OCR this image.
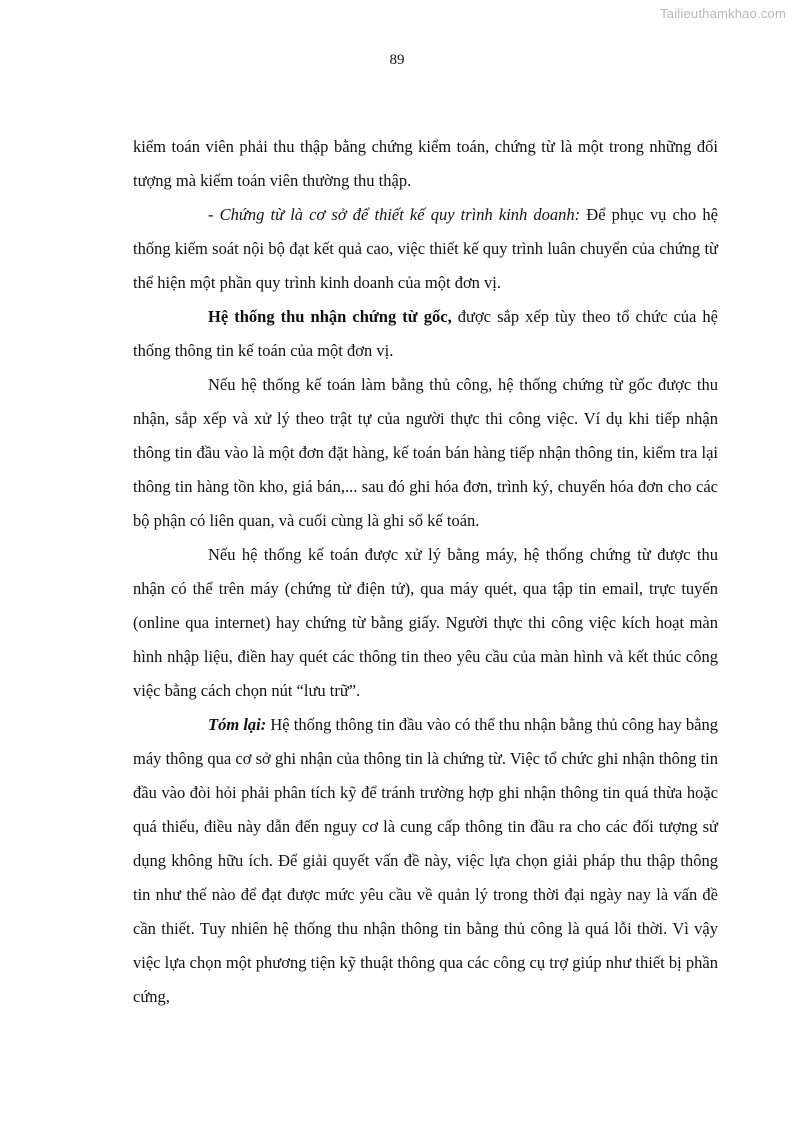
Tailieuthamkhao.com
89

kiểm toán viên phải thu thập bằng chứng kiểm toán, chứng từ là một trong những đối tượng mà kiểm toán viên thường thu thập.

- Chứng từ là cơ sở để thiết kế quy trình kinh doanh: Để phục vụ cho hệ thống kiểm soát nội bộ đạt kết quả cao, việc thiết kế quy trình luân chuyển của chứng từ thể hiện một phần quy trình kinh doanh của một đơn vị.

Hệ thống thu nhận chứng từ gốc, được sắp xếp tùy theo tổ chức của hệ thống thông tin kế toán của một đơn vị.

Nếu hệ thống kế toán làm bằng thủ công, hệ thống chứng từ gốc được thu nhận, sắp xếp và xử lý theo trật tự của người thực thi công việc. Ví dụ khi tiếp nhận thông tin đầu vào là một đơn đặt hàng, kế toán bán hàng tiếp nhận thông tin, kiểm tra lại thông tin hàng tồn kho, giá bán,... sau đó ghi hóa đơn, trình ký, chuyển hóa đơn cho các bộ phận có liên quan, và cuối cùng là ghi sổ kế toán.

Nếu hệ thống kế toán được xử lý bằng máy, hệ thống chứng từ được thu nhận có thể trên máy (chứng từ điện tử), qua máy quét, qua tập tin email, trực tuyến (online qua internet) hay chứng từ bằng giấy. Người thực thi công việc kích hoạt màn hình nhập liệu, điền hay quét các thông tin theo yêu cầu của màn hình và kết thúc công việc bằng cách chọn nút “lưu trữ”.

Tóm lại: Hệ thống thông tin đầu vào có thể thu nhận bằng thủ công hay bằng máy thông qua cơ sở ghi nhận của thông tin là chứng từ. Việc tổ chức ghi nhận thông tin đầu vào đòi hỏi phải phân tích kỹ để tránh trường hợp ghi nhận thông tin quá thừa hoặc quá thiếu, điều này dẫn đến nguy cơ là cung cấp thông tin đầu ra cho các đối tượng sử dụng không hữu ích. Để giải quyết vấn đề này, việc lựa chọn giải pháp thu thập thông tin như thế nào để đạt được mức yêu cầu về quản lý trong thời đại ngày nay là vấn đề cần thiết. Tuy nhiên hệ thống thu nhận thông tin bằng thủ công là quá lỗi thời. Vì vậy việc lựa chọn một phương tiện kỹ thuật thông qua các công cụ trợ giúp như thiết bị phần cứng,
